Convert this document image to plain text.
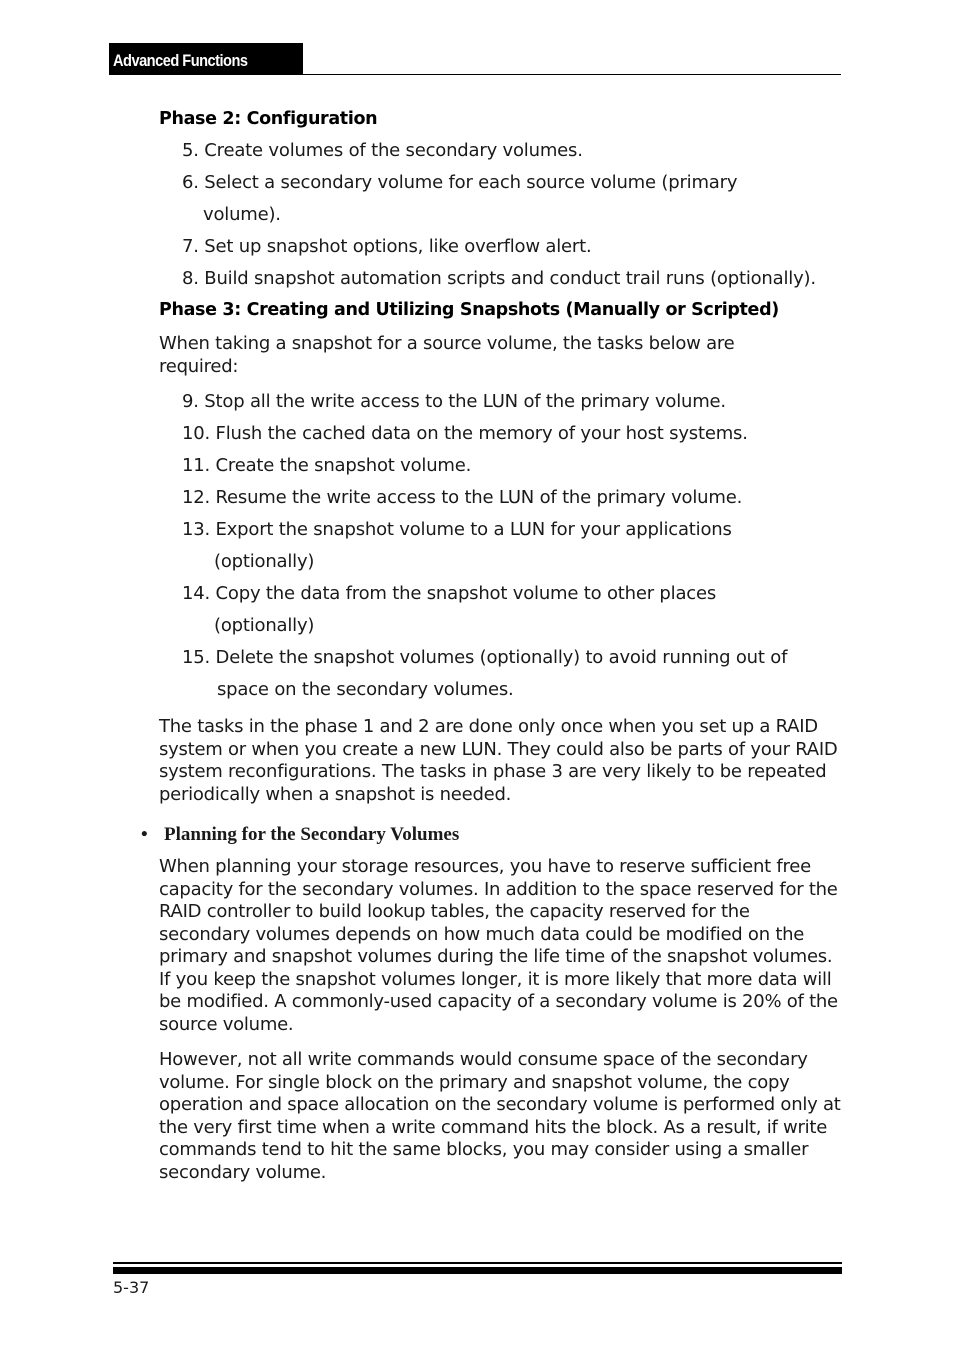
Advanced Functions

Phase 2: Configuration

5. Create volumes of the secondary volumes.

6. Select a secondary volume for each source volume (primary

volume).

7. Set up snapshot options, like overflow alert.

8. Build snapshot automation scripts and conduct trail runs (optionally).

Phase 3: Creating and Utilizing Snapshots (Manually or Scripted)

When taking a snapshot for a source volume, the tasks below are required:

9. Stop all the write access to the LUN of the primary volume.

10. Flush the cached data on the memory of your host systems.

11. Create the snapshot volume.

12. Resume the write access to the LUN of the primary volume.

13. Export the snapshot volume to a LUN for your applications

(optionally)

14. Copy the data from the snapshot volume to other places

(optionally)

15. Delete the snapshot volumes (optionally) to avoid running out of

space on the secondary volumes.

The tasks in the phase 1 and 2 are done only once when you set up a RAID system or when you create a new LUN. They could also be parts of your RAID system reconfigurations. The tasks in phase 3 are very likely to be repeated periodically when a snapshot is needed.

• Planning for the Secondary Volumes

When planning your storage resources, you have to reserve sufficient free capacity for the secondary volumes. In addition to the space reserved for the RAID controller to build lookup tables, the capacity reserved for the secondary volumes depends on how much data could be modified on the primary and snapshot volumes during the life time of the snapshot volumes. If you keep the snapshot volumes longer, it is more likely that more data will be modified. A commonly-used capacity of a secondary volume is 20% of the source volume.

However, not all write commands would consume space of the secondary volume. For single block on the primary and snapshot volume, the copy operation and space allocation on the secondary volume is performed only at the very first time when a write command hits the block. As a result, if write commands tend to hit the same blocks, you may consider using a smaller secondary volume.

5-37
